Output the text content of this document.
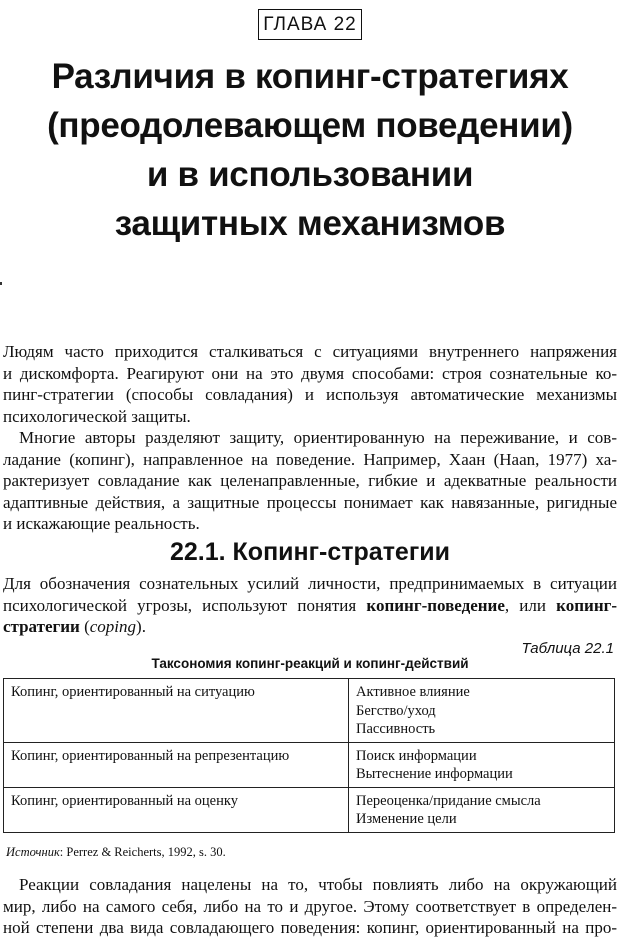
ГЛАВА 22
Различия в копинг-стратегиях
(преодолевающем поведении)
и в использовании
защитных механизмов

Людям часто приходится сталкиваться с ситуациями внутреннего напряжения
и дискомфорта. Реагируют они на это двумя способами: строя сознательные ко-
пинг-стратегии (способы совладания) и используя автоматические механизмы
психологической защиты.

Многие авторы разделяют защиту, ориентированную на переживание, и сов-
ладание (копинг), направленное на поведение. Например, Хаан (Haan, 1977) ха-
рактеризует совладание как целенаправленные, гибкие и адекватные реальности
адаптивные действия, а защитные процессы понимает как навязанные, ригидные
и искажающие реальность.

22.1. Копинг-стратегии

Для обозначения сознательных усилий личности, предпринимаемых в ситуации
психологической угрозы, используют понятия копинг-поведение, или копинг-
стратегии (coping).

Таблица 22.1
Таксономия копинг-реакций и копинг-действий
Копинг, ориентированный на ситуацию	Активное влияние
Бегство/уход
Пассивность

Копинг, ориентированный на репрезентацию	Поиск информации
Вытеснение информации

Копинг, ориентированный на оценку	Переоценка/придание смысла
Изменение цели
Источник: Perrez & Reicherts, 1992, s. 30.

Реакции совладания нацелены на то, чтобы повлиять либо на окружающий
мир, либо на самого себя, либо на то и другое. Этому соответствует в определен-
ной степени два вида совладающего поведения: копинг, ориентированный на про-
